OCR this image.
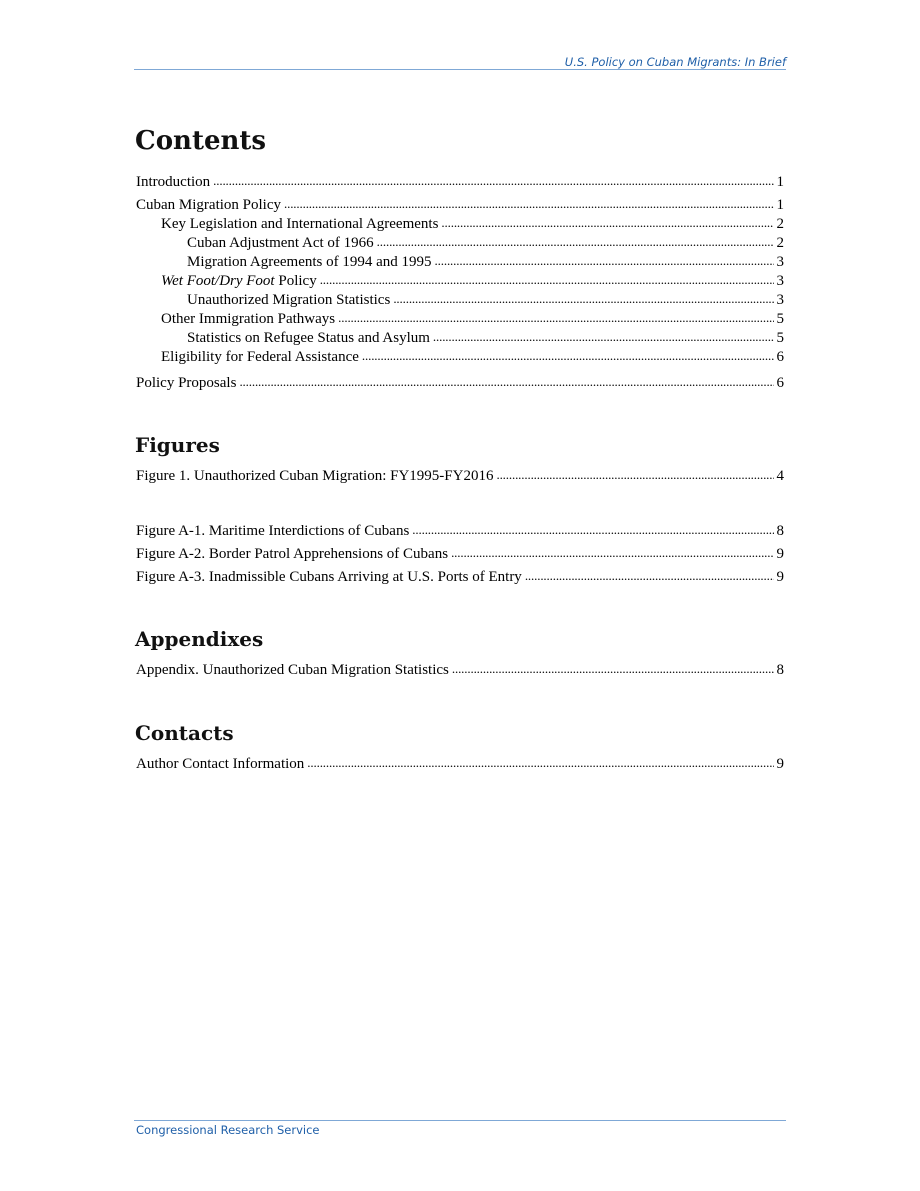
U.S. Policy on Cuban Migrants: In Brief
Contents
Introduction . . .	1
Cuban Migration Policy . . .	1
Key Legislation and International Agreements . . .	2
Cuban Adjustment Act of 1966 . . .	2
Migration Agreements of 1994 and 1995 . . .	3
Wet Foot/Dry Foot Policy . . .	3
Unauthorized Migration Statistics . . .	3
Other Immigration Pathways . . .	5
Statistics on Refugee Status and Asylum . . .	5
Eligibility for Federal Assistance . . .	6
Policy Proposals . . .	6
Figures
Figure 1. Unauthorized Cuban Migration: FY1995-FY2016 . . .	4
Figure A-1. Maritime Interdictions of Cubans . . .	8
Figure A-2. Border Patrol Apprehensions of Cubans . . .	9
Figure A-3. Inadmissible Cubans Arriving at U.S. Ports of Entry . . .	9
Appendixes
Appendix. Unauthorized Cuban Migration Statistics . . .	8
Contacts
Author Contact Information . . .	9
Congressional Research Service
